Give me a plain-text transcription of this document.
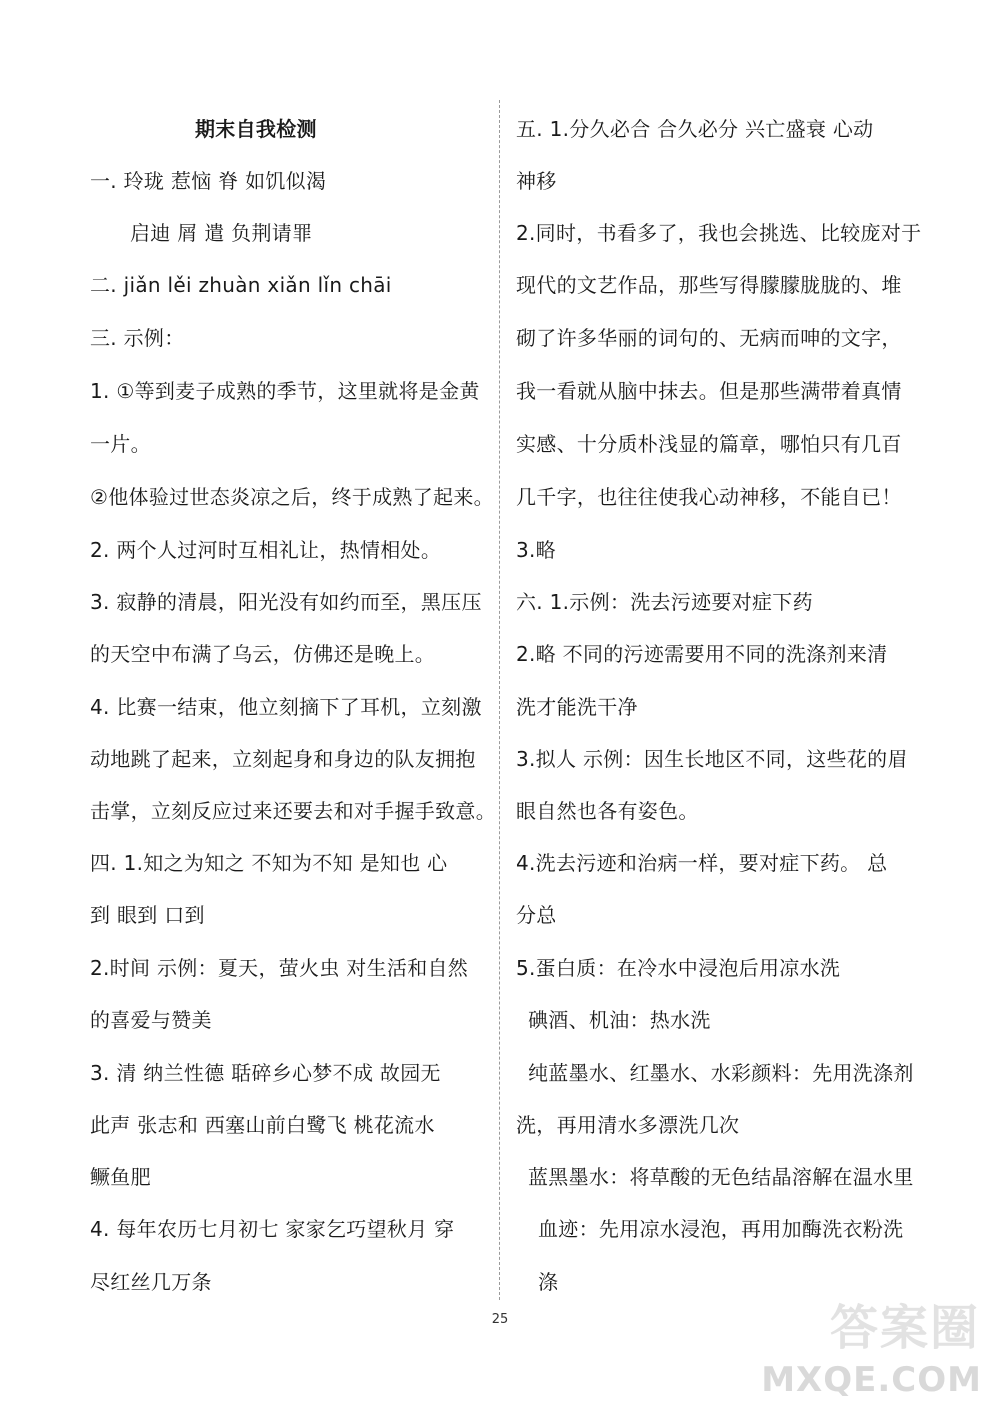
期末自我检测
一. 玲珑 惹恼 脊 如饥似渴
启迪 屑 遣 负荆请罪
二. jiǎn lěi zhuàn xiǎn lǐn chāi
三. 示例：
1. ①等到麦子成熟的季节，这里就将是金黄
一片。
②他体验过世态炎凉之后，终于成熟了起来。
2. 两个人过河时互相礼让，热情相处。
3. 寂静的清晨，阳光没有如约而至，黑压压
的天空中布满了乌云，仿佛还是晚上。
4. 比赛一结束，他立刻摘下了耳机，立刻激
动地跳了起来，立刻起身和身边的队友拥抱
击掌，立刻反应过来还要去和对手握手致意。
四. 1.知之为知之 不知为不知 是知也 心
到 眼到 口到
2.时间 示例：夏天，萤火虫 对生活和自然
的喜爱与赞美
3. 清 纳兰性德 聒碎乡心梦不成 故园无
此声 张志和 西塞山前白鹭飞 桃花流水
鳜鱼肥
4. 每年农历七月初七 家家乞巧望秋月 穿
尽红丝几万条
五. 1.分久必合 合久必分 兴亡盛衰 心动
神移
2.同时，书看多了，我也会挑选、比较庞对于
现代的文艺作品，那些写得朦朦胧胧的、堆
砌了许多华丽的词句的、无病而呻的文字，
我一看就从脑中抹去。但是那些满带着真情
实感、十分质朴浅显的篇章，哪怕只有几百
几千字，也往往使我心动神移，不能自已！
3.略
六. 1.示例：洗去污迹要对症下药
2.略 不同的污迹需要用不同的洗涤剂来清
洗才能洗干净
3.拟人 示例：因生长地区不同，这些花的眉
眼自然也各有姿色。
4.洗去污迹和治病一样，要对症下药。 总
分总
5.蛋白质：在冷水中浸泡后用凉水洗
碘酒、机油：热水洗
纯蓝墨水、红墨水、水彩颜料：先用洗涤剂
洗，再用清水多漂洗几次
蓝黑墨水：将草酸的无色结晶溶解在温水里
血迹：先用凉水浸泡，再用加酶洗衣粉洗
涤
25	答案圈
MXQE.COM
